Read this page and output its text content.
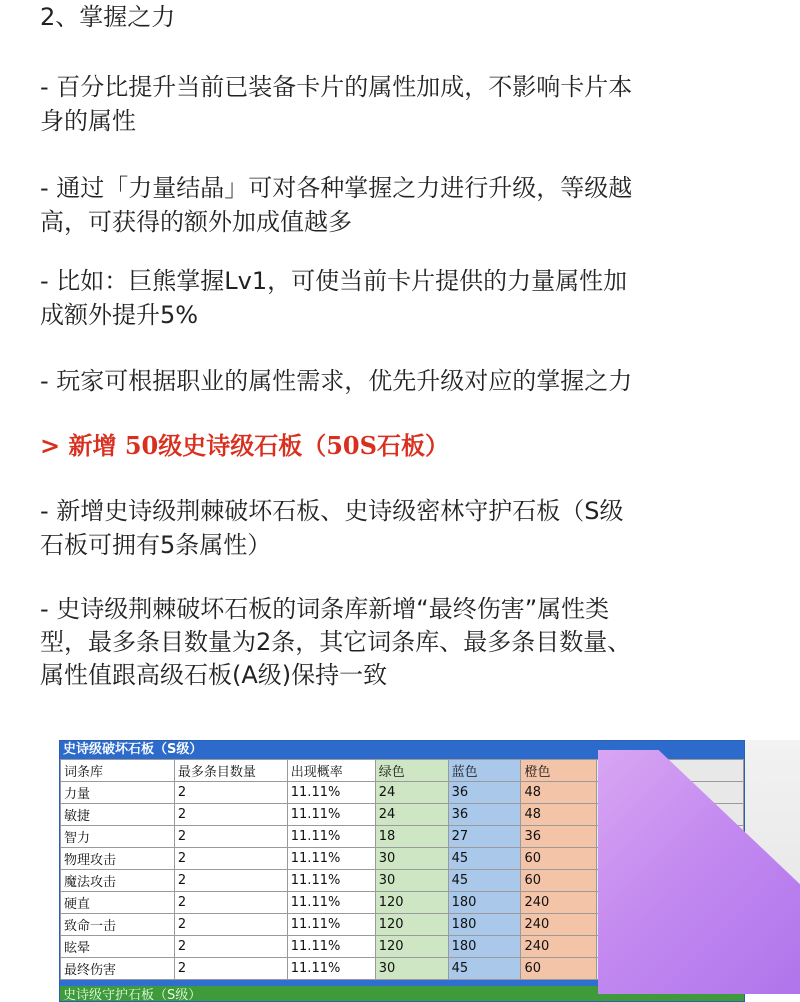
2、掌握之力

- 百分比提升当前已装备卡片的属性加成，不影响卡片本

身的属性

- 通过「力量结晶」可对各种掌握之力进行升级，等级越

高，可获得的额外加成值越多

- 比如：巨熊掌握Lv1，可使当前卡片提供的力量属性加

成额外提升5%

- 玩家可根据职业的属性需求，优先升级对应的掌握之力

> 新增 50级史诗级石板（50S石板）

- 新增史诗级荆棘破坏石板、史诗级密林守护石板（S级

石板可拥有5条属性）

- 史诗级荆棘破坏石板的词条库新增“最终伤害”属性类

型，最多条目数量为2条，其它词条库、最多条目数量、

属性值跟高级石板(A级)保持一致

史诗级破坏石板（S级）
词条库	最多条目数量	出现概率	绿色	蓝色	橙色	
力量	2	11.11%	24	36	48	
敏捷	2	11.11%	24	36	48	
智力	2	11.11%	18	27	36	
物理攻击	2	11.11%	30	45	60	
魔法攻击	2	11.11%	30	45	60	
硬直	2	11.11%	120	180	240	
致命一击	2	11.11%	120	180	240	
眩晕	2	11.11%	120	180	240	
最终伤害	2	11.11%	30	45	60	
史诗级守护石板（S级）
